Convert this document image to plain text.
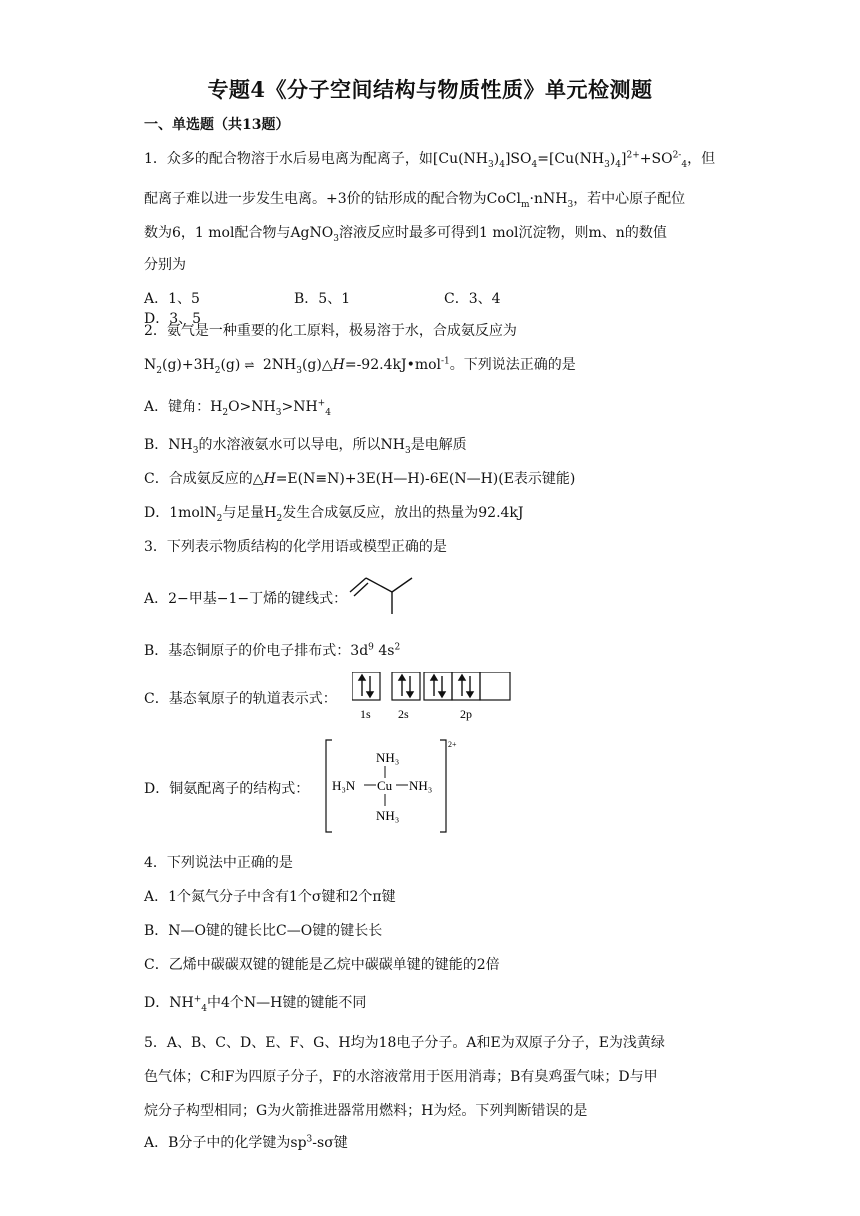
专题4《分子空间结构与物质性质》单元检测题
一、单选题（共13题）
1．众多的配合物溶于水后易电离为配离子，如$[Cu(NH_3)_4]SO_4=[Cu(NH_3)_4]^{2+}+SO^{2-}_4$，但
配离子难以进一步发生电离。+3价的钴形成的配合物为CoCl$_m$·nNH$_3$，若中心原子配位
数为6，1 mol配合物与AgNO$_3$溶液反应时最多可得到1 mol沉淀物，则m、n的数值
分别为
A．1、5	B．5、1	C．3、4D．3、5
2．氨气是一种重要的化工原料，极易溶于水，合成氨反应为
$N_2(g)+3H_2(g)$ ⇌ $2NH_3(g)\triangle H=-92.4kJ•mol^{-1}$。下列说法正确的是
A．键角：$H_2O>NH_3>NH^+_4$
B．$NH_3$的水溶液氨水可以导电，所以$NH_3$是电解质
C．合成氨反应的△H=E(N≡N)+3E(H—H)-6E(N—H)(E表示键能)
D．1molN$_2$与足量$H_2$发生合成氨反应，放出的热量为92.4kJ
3．下列表示物质结构的化学用语或模型正确的是
A．2−甲基−1−丁烯的键线式：
B．基态铜原子的价电子排布式：$3d^9$ $4s^2$
C．基态氧原子的轨道表示式：
1s 2s	2p
D．铜氨配离子的结构式：
2+
NH₃
H₃N Cu NH₃
NH₃
4．下列说法中正确的是
A．1个氮气分子中含有1个σ键和2个π键
B．N—O键的键长比C—O键的键长长
C．乙烯中碳碳双键的键能是乙烷中碳碳单键的键能的2倍
D．$NH^+_4$中4个N—H键的键能不同
5．A、B、C、D、E、F、G、H均为18电子分子。A和E为双原子分子，E为浅黄绿
色气体；C和F为四原子分子，F的水溶液常用于医用消毒；B有臭鸡蛋气味；D与甲
烷分子构型相同；G为火箭推进器常用燃料；H为烃。下列判断错误的是
A．B分子中的化学键为$sp^3-s\sigma$键
